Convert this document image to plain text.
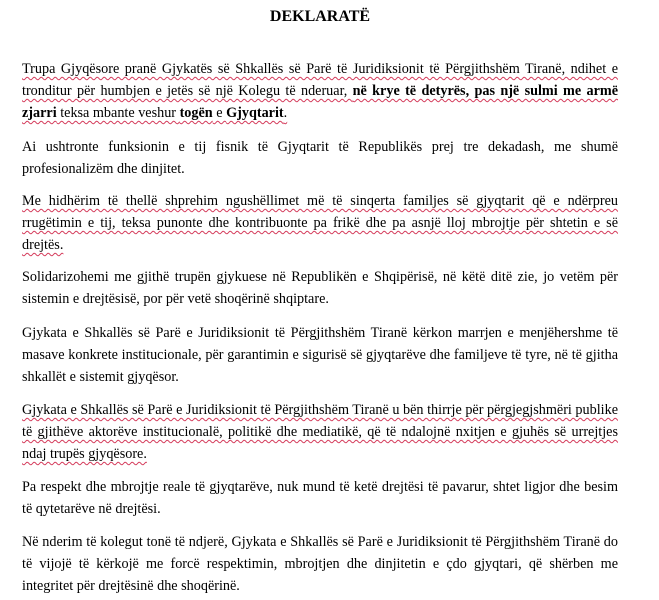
DEKLARATË

Trupa Gjyqësore pranë Gjykatës së Shkallës së Parë të Juridiksionit të Përgjithshëm Tiranë, ndihet e tronditur për humbjen e jetës së një Kolegu të nderuar, në krye të detyrës, pas një sulmi me armë zjarri teksa mbante veshur togën e Gjyqtarit.

Ai ushtronte funksionin e tij fisnik të Gjyqtarit të Republikës prej tre dekadash, me shumë profesionalizëm dhe dinjitet.

Me hidhërim të thellë shprehim ngushëllimet më të sinqerta familjes së gjyqtarit që e ndërpreu rrugëtimin e tij, teksa punonte dhe kontribuonte pa frikë dhe pa asnjë lloj mbrojtje për shtetin e së drejtës.

Solidarizohemi me gjithë trupën gjykuese në Republikën e Shqipërisë, në këtë ditë zie, jo vetëm për sistemin e drejtësisë, por për vetë shoqërinë shqiptare.

Gjykata e Shkallës së Parë e Juridiksionit të Përgjithshëm Tiranë kërkon marrjen e menjëhershme të masave konkrete institucionale, për garantimin e sigurisë së gjyqtarëve dhe familjeve të tyre, në të gjitha shkallët e sistemit gjyqësor.

Gjykata e Shkallës së Parë e Juridiksionit të Përgjithshëm Tiranë u bën thirrje për përgjegjshmëri publike të gjithëve aktorëve institucionalë, politikë dhe mediatikë, që të ndalojnë nxitjen e gjuhës së urrejtjes ndaj trupës gjyqësore.

Pa respekt dhe mbrojtje reale të gjyqtarëve, nuk mund të ketë drejtësi të pavarur, shtet ligjor dhe besim të qytetarëve në drejtësi.

Në nderim të kolegut tonë të ndjerë, Gjykata e Shkallës së Parë e Juridiksionit të Përgjithshëm Tiranë do të vijojë të kërkojë me forcë respektimin, mbrojtjen dhe dinjitetin e çdo gjyqtari, që shërben me integritet për drejtësinë dhe shoqërinë.
